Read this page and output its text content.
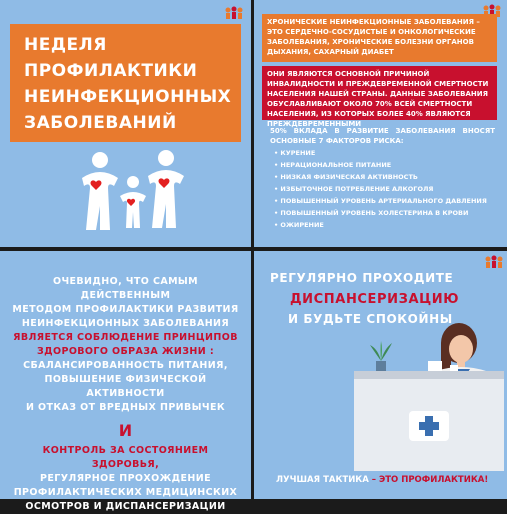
НЕДЕЛЯ
ПРОФИЛАКТИКИ
НЕИНФЕКЦИОННЫХ
ЗАБОЛЕВАНИЙ

ХРОНИЧЕСКИЕ НЕИНФЕКЦИОННЫЕ ЗАБОЛЕВАНИЯ – ЭТО СЕРДЕЧНО-СОСУДИСТЫЕ И ОНКОЛОГИЧЕСКИЕ ЗАБОЛЕВАНИЯ, ХРОНИЧЕСКИЕ БОЛЕЗНИ ОРГАНОВ ДЫХАНИЯ, САХАРНЫЙ ДИАБЕТ

ОНИ ЯВЛЯЮТСЯ ОСНОВНОЙ ПРИЧИНОЙ ИНВАЛИДНОСТИ И ПРЕЖДЕВРЕМЕННОЙ СМЕРТНОСТИ НАСЕЛЕНИЯ НАШЕЙ СТРАНЫ. ДАННЫЕ ЗАБОЛЕВАНИЯ ОБУСЛАВЛИВАЮТ ОКОЛО 70% ВСЕЙ СМЕРТНОСТИ НАСЕЛЕНИЯ, ИЗ КОТОРЫХ БОЛЕЕ 40% ЯВЛЯЮТСЯ ПРЕЖДЕВРЕМЕННЫМИ

50% ВКЛАДА В РАЗВИТИЕ ЗАБОЛЕВАНИЯ ВНОСЯТ ОСНОВНЫЕ 7 ФАКТОРОВ РИСКА:
• КУРЕНИЕ
• НЕРАЦИОНАЛЬНОЕ ПИТАНИЕ
• НИЗКАЯ ФИЗИЧЕСКАЯ АКТИВНОСТЬ
• ИЗБЫТОЧНОЕ ПОТРЕБЛЕНИЕ АЛКОГОЛЯ
• ПОВЫШЕННЫЙ УРОВЕНЬ АРТЕРИАЛЬНОГО ДАВЛЕНИЯ
• ПОВЫШЕННЫЙ УРОВЕНЬ ХОЛЕСТЕРИНА В КРОВИ
• ОЖИРЕНИЕ
ОЧЕВИДНО, ЧТО САМЫМ ДЕЙСТВЕННЫМ
МЕТОДОМ ПРОФИЛАКТИКИ РАЗВИТИЯ
НЕИНФЕКЦИОННЫХ ЗАБОЛЕВАНИЯ
ЯВЛЯЕТСЯ СОБЛЮДЕНИЕ ПРИНЦИПОВ
ЗДОРОВОГО ОБРАЗА ЖИЗНИ :
СБАЛАНСИРОВАННОСТЬ ПИТАНИЯ,
ПОВЫШЕНИЕ ФИЗИЧЕСКОЙ АКТИВНОСТИ
И ОТКАЗ ОТ ВРЕДНЫХ ПРИВЫЧЕК
И
КОНТРОЛЬ ЗА СОСТОЯНИЕМ ЗДОРОВЬЯ,
РЕГУЛЯРНОЕ ПРОХОЖДЕНИЕ
ПРОФИЛАКТИЧЕСКИХ МЕДИЦИНСКИХ
ОСМОТРОВ И ДИСПАНСЕРИЗАЦИИ
РЕГУЛЯРНО ПРОХОДИТЕ
ДИСПАНСЕРИЗАЦИЮ
И БУДЬТЕ СПОКОЙНЫ
ЛУЧШАЯ ТАКТИКА – ЭТО ПРОФИЛАКТИКА!
